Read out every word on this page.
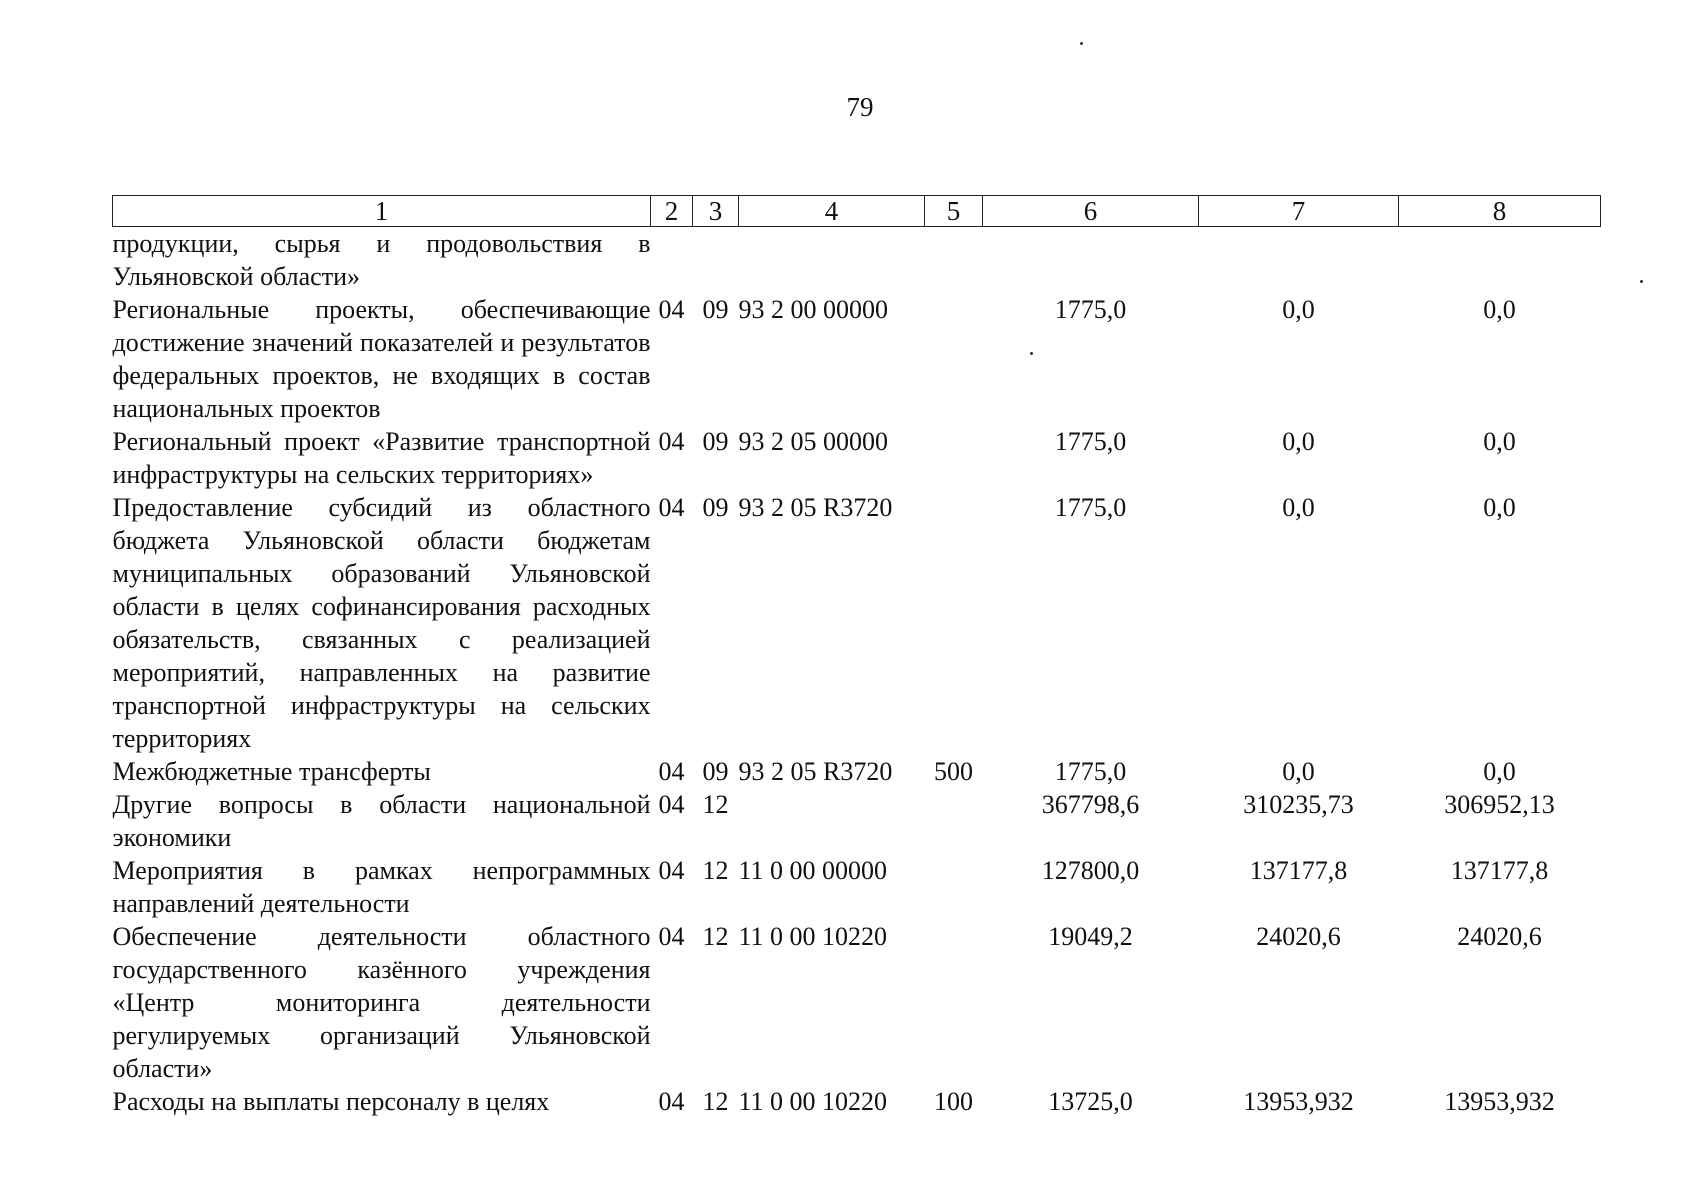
79
1	2	3	4	5	6	7	8
продукции, сырья и продовольствия в Ульяновской области»							
Региональные проекты, обеспечивающие достижение значений показателей и результатов федеральных проектов, не входящих в состав национальных проектов	04	09	93 2 00 00000		1775,0	0,0	0,0
Региональный проект «Развитие транспортной инфраструктуры на сельских территориях»	04	09	93 2 05 00000		1775,0	0,0	0,0
Предоставление субсидий из областного бюджета Ульяновской области бюджетам муниципальных образований Ульяновской области в целях софинансирования расходных обязательств, связанных с реализацией мероприятий, направленных на развитие транспортной инфраструктуры на сельских территориях	04	09	93 2 05 R3720		1775,0	0,0	0,0
Межбюджетные трансферты	04	09	93 2 05 R3720	500	1775,0	0,0	0,0
Другие вопросы в области национальной экономики	04	12			367798,6	310235,73	306952,13
Мероприятия в рамках непрограммных направлений деятельности	04	12	11 0 00 00000		127800,0	137177,8	137177,8
Обеспечение деятельности областного государственного казённого учреждения «Центр мониторинга деятельности регулируемых организаций Ульяновской области»	04	12	11 0 00 10220		19049,2	24020,6	24020,6
Расходы на выплаты персоналу в целях	04	12	11 0 00 10220	100	13725,0	13953,932	13953,932
